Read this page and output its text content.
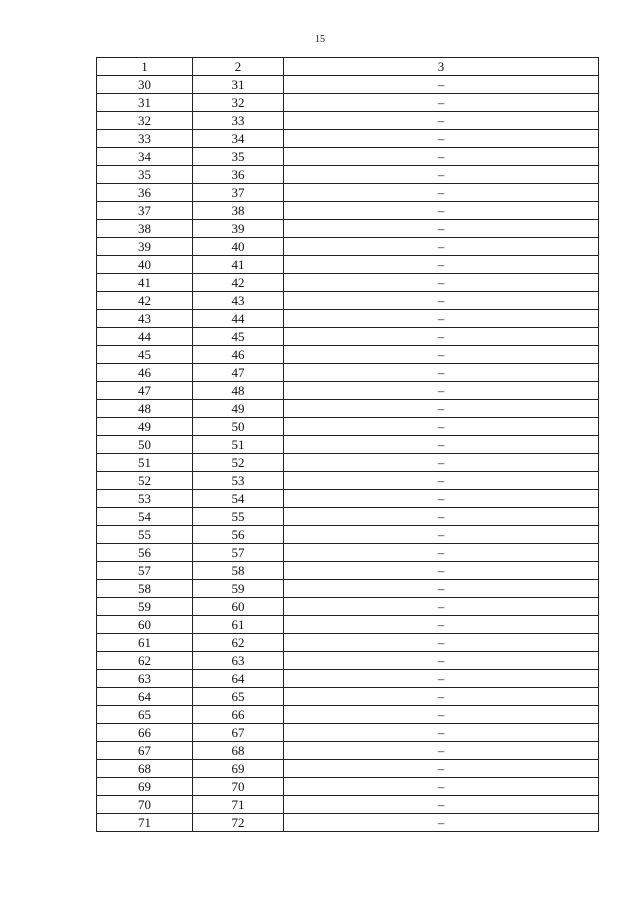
15
1	2	3
30	31	–
31	32	–
32	33	–
33	34	–
34	35	–
35	36	–
36	37	–
37	38	–
38	39	–
39	40	–
40	41	–
41	42	–
42	43	–
43	44	–
44	45	–
45	46	–
46	47	–
47	48	–
48	49	–
49	50	–
50	51	–
51	52	–
52	53	–
53	54	–
54	55	–
55	56	–
56	57	–
57	58	–
58	59	–
59	60	–
60	61	–
61	62	–
62	63	–
63	64	–
64	65	–
65	66	–
66	67	–
67	68	–
68	69	–
69	70	–
70	71	–
71	72	–
